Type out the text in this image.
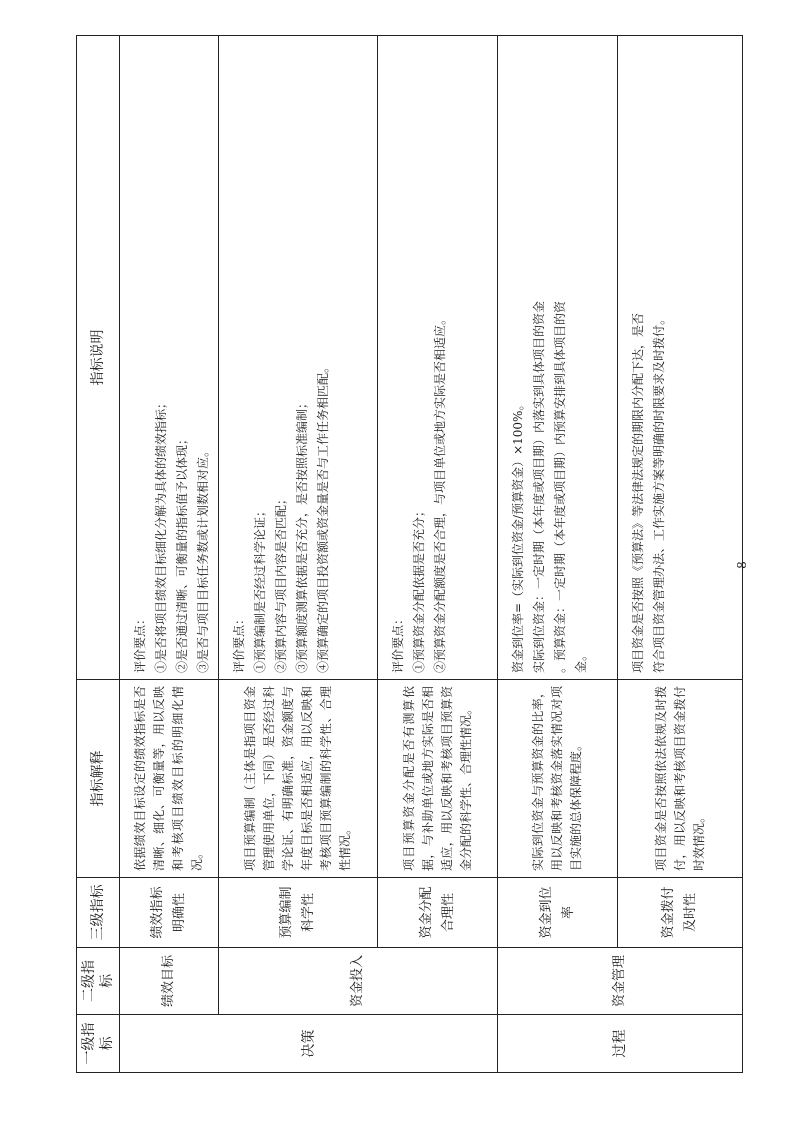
一级指标	二级指标	三级指标	指标解释	指标说明
决策	绩效目标	绩效指标明确性	依据绩效目标设定的绩效指标是否清晰、细化、可衡量等，用以反映和考核项目绩效目标的明细化情况。	评价要点： ①是否将项目绩效目标细化分解为具体的绩效指标； ②是否通过清晰、可衡量的指标值予以体现； ③是否与项目目标任务数或计划数相对应。

	资金投入	预算编制科学性	项目预算编制（主体是指项目资金管理使用单位，下同）是否经过科学论证、有明确标准，资金额度与年度目标是否相适应，用以反映和考核项目预算编制的科学性、合理性情况。	评价要点： ①预算编制是否经过科学论证； ②预算内容与项目内容是否匹配； ③预算额度测算依据是否充分，是否按照标准编制； ④预算确定的项目投资额或资金量是否与工作任务相匹配。

		资金分配合理性	项目预算资金分配是否有测算依据，与补助单位或地方实际是否相适应，用以反映和考核项目预算资金分配的科学性、合理性情况。	评价要点： ①预算资金分配依据是否充分； ②预算资金分配额度是否合理，与项目单位或地方实际是否相适应。

过程	资金管理	资金到位率	实际到位资金与预算资金的比率，用以反映和考核资金落实情况对项目实施的总体保障程度。	资金到位率=（实际到位资金/预算资金）×100%。 实际到位资金：一定时期（本年度或项目期）内落实到具体项目的资金 。预算资金：一定时期（本年度或项目期）内预算安排到具体项目的资 金。

		资金拨付及时性	项目资金是否按照依法依规及时拨付，用以反映和考核项目资金拨付时效情况。	项目资金是否按照《预算法》等法律法规定的期限内分配下达，是否 符合项目资金管理办法、工作实施方案等明确的时限要求及时拨付。	8
